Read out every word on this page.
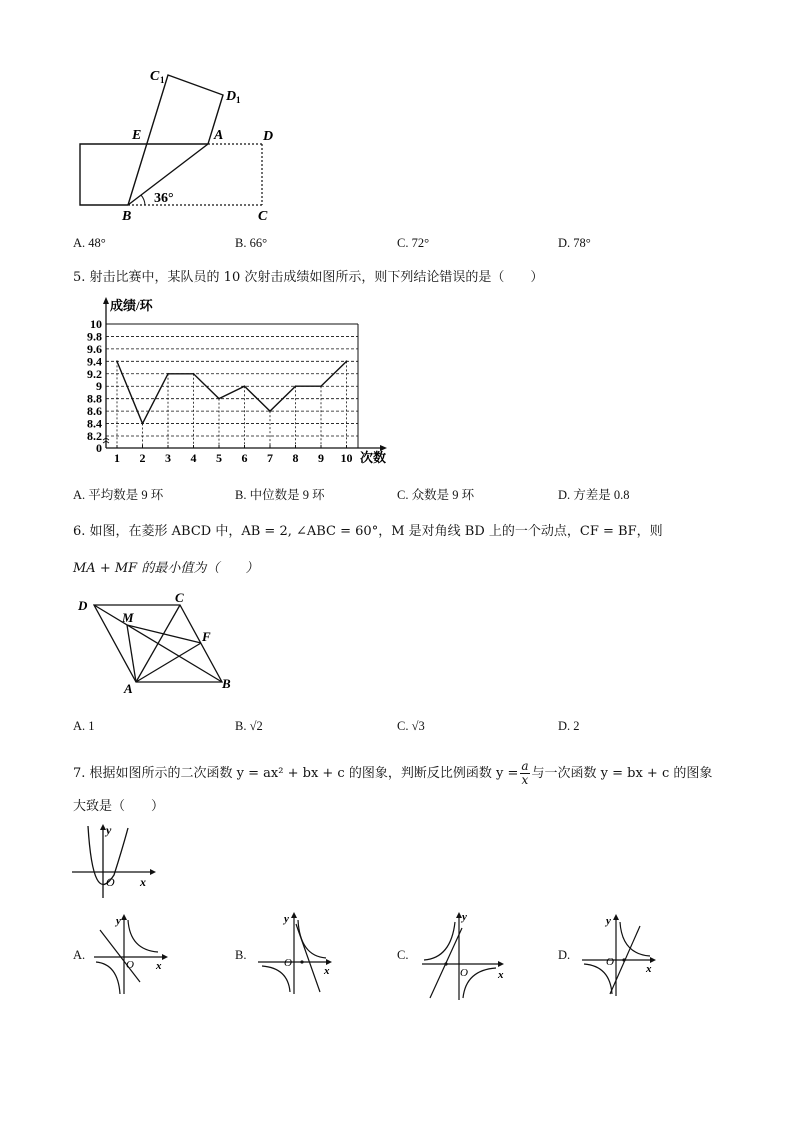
C 1
D 1
E	A	D
B	C
36°
A. 48°	B. 66°	C. 72°	D. 78°
5. 射击比赛中，某队员的 10 次射击成绩如图所示，则下列结论错误的是（　　）
10
9.8
9.6
9.4
9.2
9
8.8
8.6
8.4
8.2
0
1 2 3 4 5 6 7 8 9 10
成绩/环
次数
A. 平均数是 9 环	B. 中位数是 9 环	C. 众数是 9 环	D. 方差是 0.8
6. 如图，在菱形 ABCD 中，AB = 2, ∠ABC = 60°，M 是对角线 BD 上的一个动点，CF = BF，则
MA + MF 的最小值为（　　）
D
C
M
F
A	B
A. 1	B. √2	C. √3	D. 2
7. 根据如图所示的二次函数 y = ax² + bx + c 的图象，判断反比例函数 $y = \frac{a}{x}$ 与一次函数 y = bx + c 的图象
大致是（　　）
y
x
O
A.
y
x
O
B.
y
x
O
C.
y
x
O
D.
y
x
O
